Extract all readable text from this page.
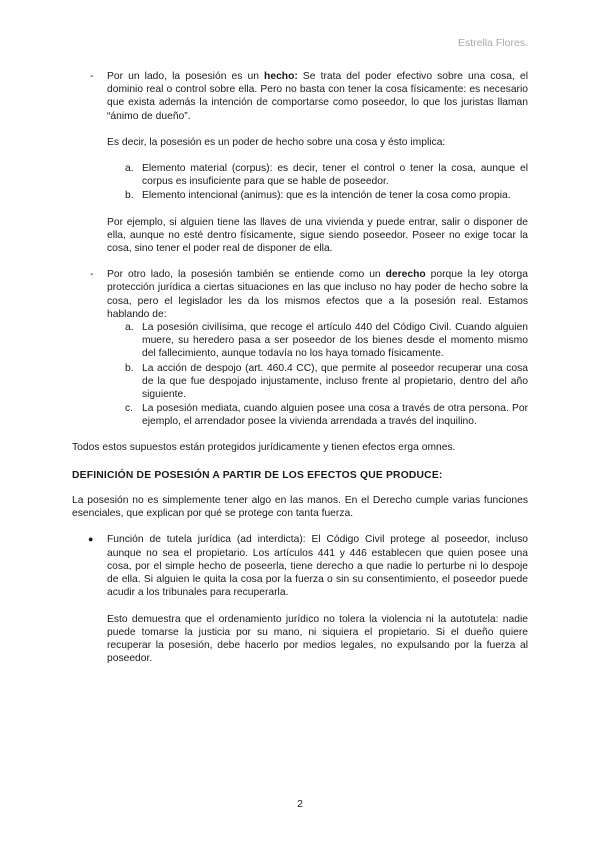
Estrella Flores.
- Por un lado, la posesión es un hecho: Se trata del poder efectivo sobre una cosa, el dominio real o control sobre ella. Pero no basta con tener la cosa físicamente: es necesario que exista además la intención de comportarse como poseedor, lo que los juristas llaman “ánimo de dueño”.

Es decir, la posesión es un poder de hecho sobre una cosa y ésto implica:

a. Elemento material (corpus): es decir, tener el control o tener la cosa, aunque el corpus es insuficiente para que se hable de poseedor.
b. Elemento intencional (animus): que es la intención de tener la cosa como propia.

Por ejemplo, si alguien tiene las llaves de una vivienda y puede entrar, salir o disponer de ella, aunque no esté dentro físicamente, sigue siendo poseedor. Poseer no exige tocar la cosa, sino tener el poder real de disponer de ella.

- Por otro lado, la posesión también se entiende como un derecho porque la ley otorga protección jurídica a ciertas situaciones en las que incluso no hay poder de hecho sobre la cosa, pero el legislador les da los mismos efectos que a la posesión real. Estamos hablando de:

a. La posesión civilísima, que recoge el artículo 440 del Código Civil. Cuando alguien muere, su heredero pasa a ser poseedor de los bienes desde el momento mismo del fallecimiento, aunque todavía no los haya tomado físicamente.
b. La acción de despojo (art. 460.4 CC), que permite al poseedor recuperar una cosa de la que fue despojado injustamente, incluso frente al propietario, dentro del año siguiente.
c. La posesión mediata, cuando alguien posee una cosa a través de otra persona. Por ejemplo, el arrendador posee la vivienda arrendada a través del inquilino.

Todos estos supuestos están protegidos jurídicamente y tienen efectos erga omnes.

DEFINICIÓN DE POSESIÓN A PARTIR DE LOS EFECTOS QUE PRODUCE:

La posesión no es simplemente tener algo en las manos. En el Derecho cumple varias funciones esenciales, que explican por qué se protege con tanta fuerza.

● Función de tutela jurídica (ad interdicta): El Código Civil protege al poseedor, incluso aunque no sea el propietario. Los artículos 441 y 446 establecen que quien posee una cosa, por el simple hecho de poseerla, tiene derecho a que nadie lo perturbe ni lo despoje de ella. Si alguien le quita la cosa por la fuerza o sin su consentimiento, el poseedor puede acudir a los tribunales para recuperarla.

Esto demuestra que el ordenamiento jurídico no tolera la violencia ni la autotutela: nadie puede tomarse la justicia por su mano, ni siquiera el propietario. Si el dueño quiere recuperar la posesión, debe hacerlo por medios legales, no expulsando por la fuerza al poseedor.

2
